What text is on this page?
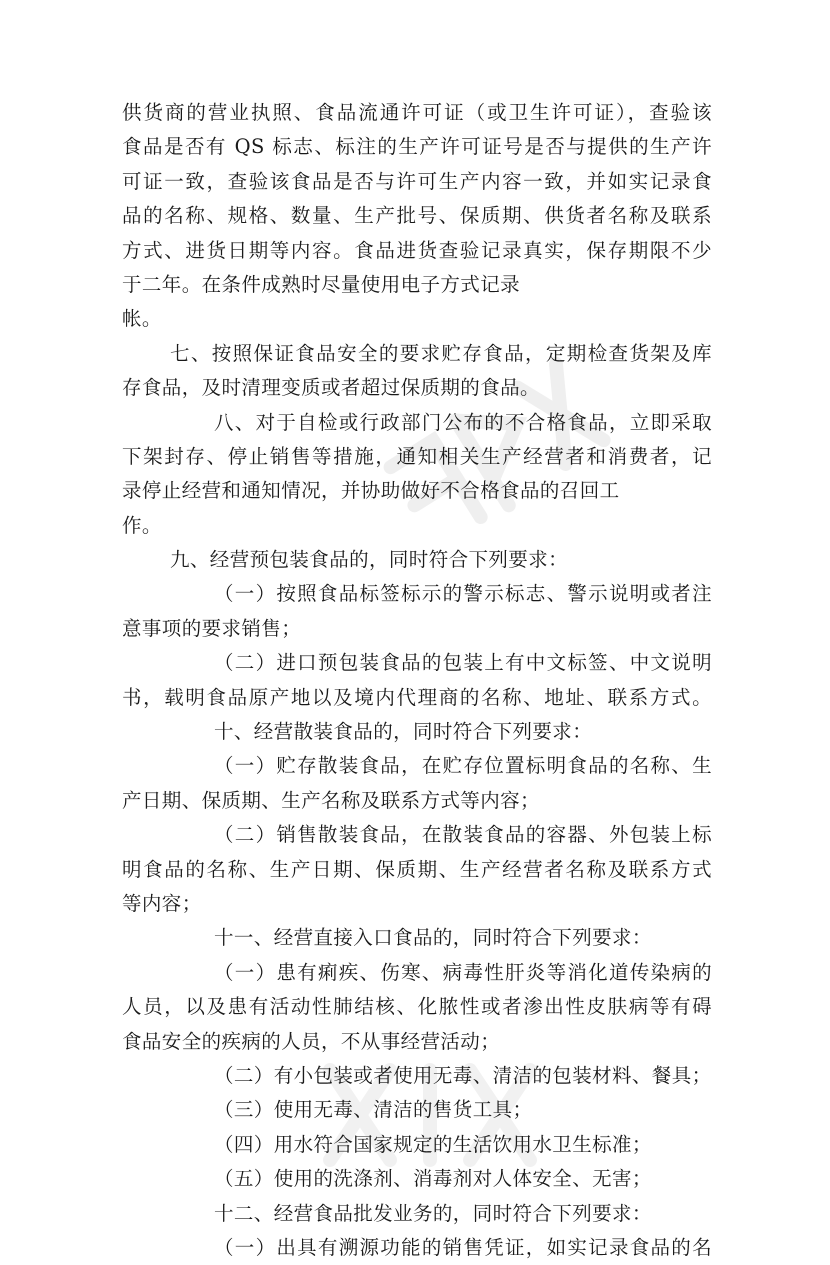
供货商的营业执照、食品流通许可证（或卫生许可证），查验该
食品是否有 QS 标志、标注的生产许可证号是否与提供的生产许
可证一致，查验该食品是否与许可生产内容一致，并如实记录食
品的名称、规格、数量、生产批号、保质期、供货者名称及联系
方式、进货日期等内容。食品进货查验记录真实，保存期限不少
于二年。在条件成熟时尽量使用电子方式记录
帐。
七、按照保证食品安全的要求贮存食品，定期检查货架及库
存食品，及时清理变质或者超过保质期的食品。
八、对于自检或行政部门公布的不合格食品，立即采取
下架封存、停止销售等措施，通知相关生产经营者和消费者，记
录停止经营和通知情况，并协助做好不合格食品的召回工
作。
九、经营预包装食品的，同时符合下列要求：
（一）按照食品标签标示的警示标志、警示说明或者注
意事项的要求销售；
（二）进口预包装食品的包装上有中文标签、中文说明
书，载明食品原产地以及境内代理商的名称、地址、联系方式。
十、经营散装食品的，同时符合下列要求：
（一）贮存散装食品，在贮存位置标明食品的名称、生
产日期、保质期、生产名称及联系方式等内容；
（二）销售散装食品，在散装食品的容器、外包装上标
明食品的名称、生产日期、保质期、生产经营者名称及联系方式
等内容；
十一、经营直接入口食品的，同时符合下列要求：
（一）患有痢疾、伤寒、病毒性肝炎等消化道传染病的
人员，以及患有活动性肺结核、化脓性或者渗出性皮肤病等有碍
食品安全的疾病的人员，不从事经营活动；
（二）有小包装或者使用无毒、清洁的包装材料、餐具；
（三）使用无毒、清洁的售货工具；
（四）用水符合国家规定的生活饮用水卫生标准；
（五）使用的洗涤剂、消毒剂对人体安全、无害；
十二、经营食品批发业务的，同时符合下列要求：
（一）出具有溯源功能的销售凭证，如实记录食品的名
